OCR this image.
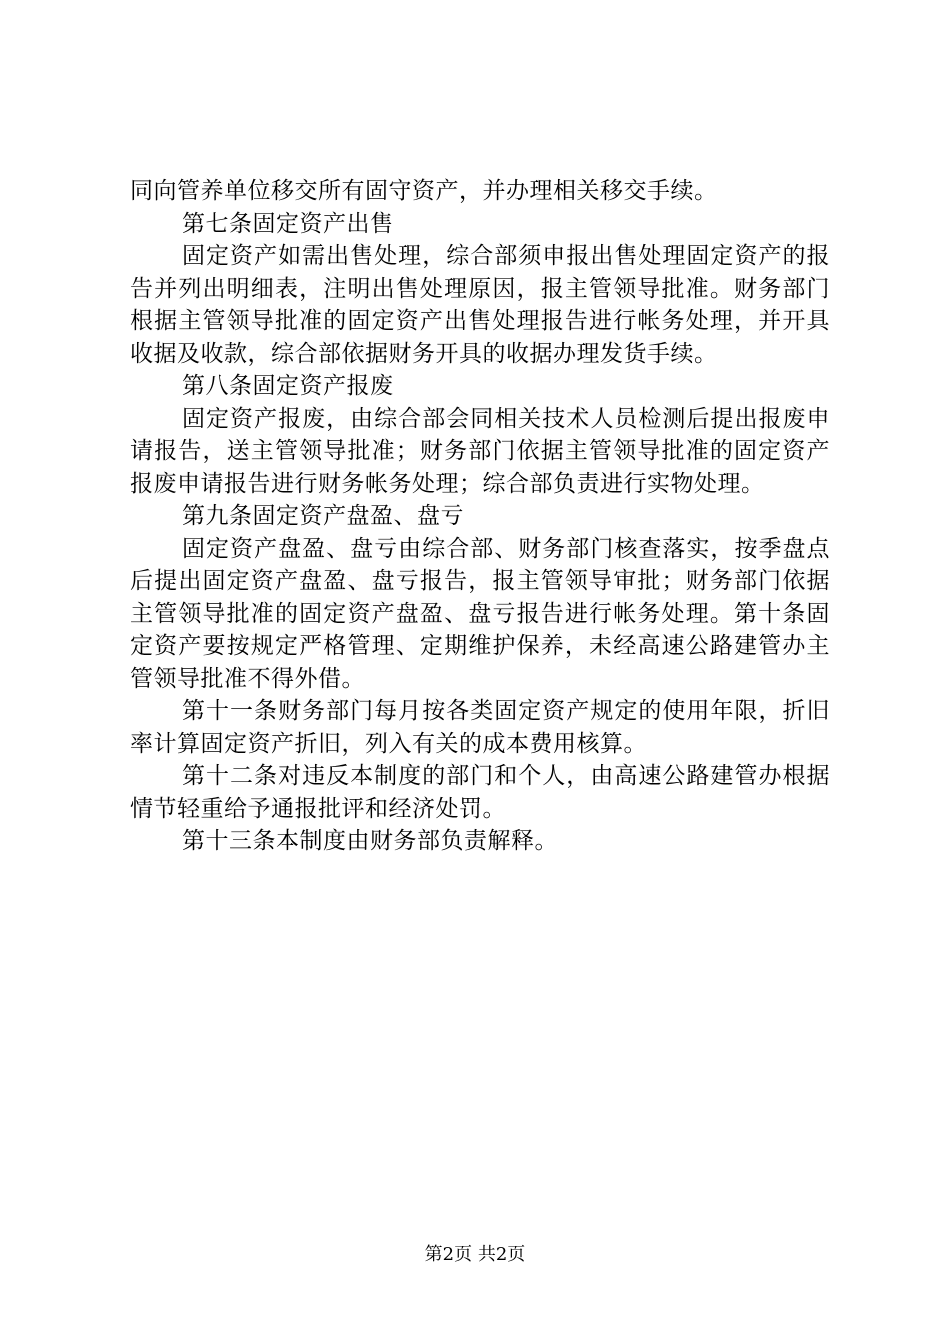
同向管养单位移交所有固守资产，并办理相关移交手续。

第七条固定资产出售

固定资产如需出售处理，综合部须申报出售处理固定资产的报告并列出明细表，注明出售处理原因，报主管领导批准。财务部门根据主管领导批准的固定资产出售处理报告进行帐务处理，并开具收据及收款，综合部依据财务开具的收据办理发货手续。

第八条固定资产报废

固定资产报废，由综合部会同相关技术人员检测后提出报废申请报告，送主管领导批准；财务部门依据主管领导批准的固定资产报废申请报告进行财务帐务处理；综合部负责进行实物处理。

第九条固定资产盘盈、盘亏

固定资产盘盈、盘亏由综合部、财务部门核查落实，按季盘点后提出固定资产盘盈、盘亏报告，报主管领导审批；财务部门依据主管领导批准的固定资产盘盈、盘亏报告进行帐务处理。第十条固定资产要按规定严格管理、定期维护保养，未经高速公路建管办主管领导批准不得外借。

第十一条财务部门每月按各类固定资产规定的使用年限，折旧率计算固定资产折旧，列入有关的成本费用核算。

第十二条对违反本制度的部门和个人，由高速公路建管办根据情节轻重给予通报批评和经济处罚。

第十三条本制度由财务部负责解释。

第2页 共2页
